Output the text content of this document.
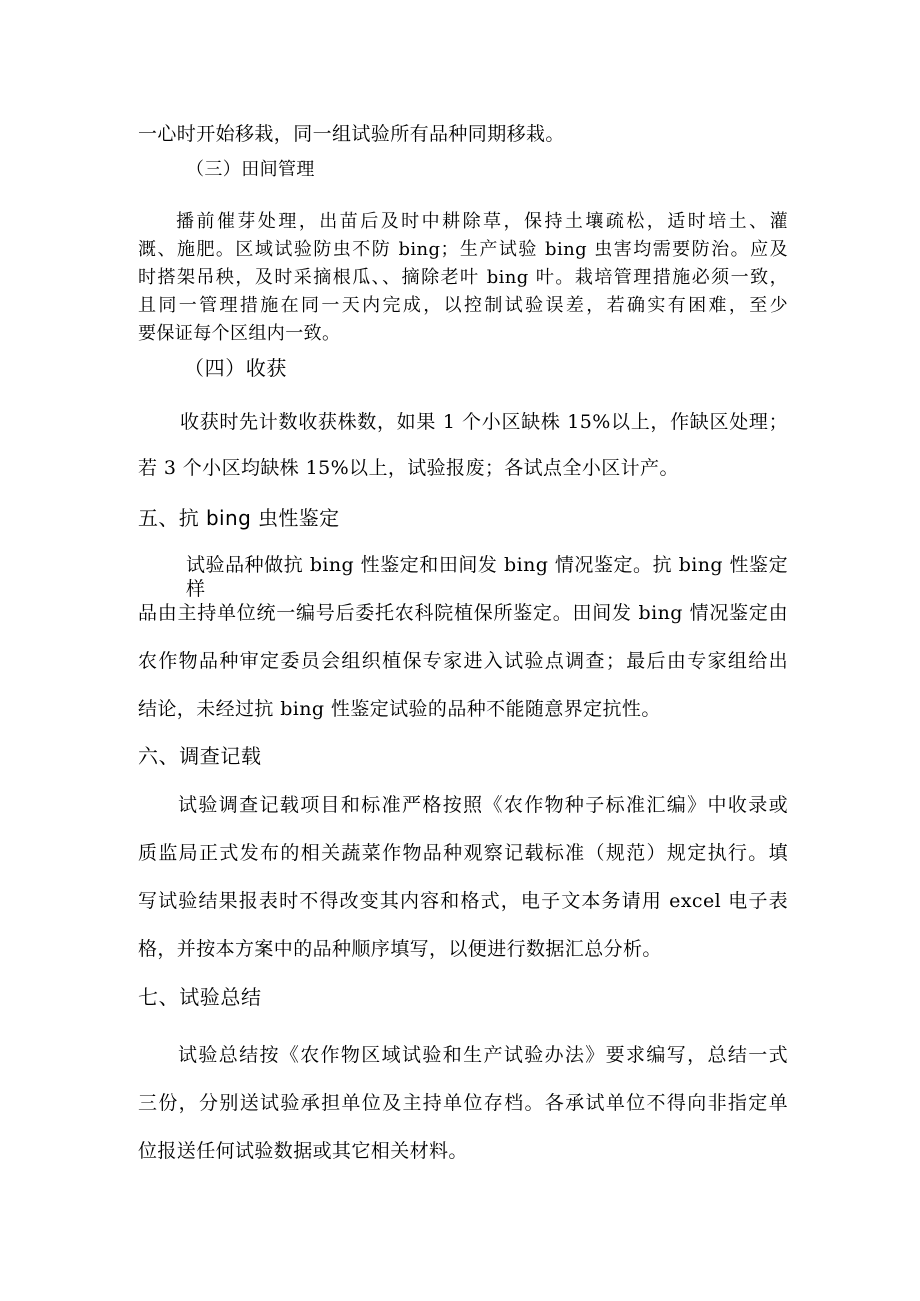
一心时开始移栽，同一组试验所有品种同期移栽。
（三）田间管理
播前催芽处理，出苗后及时中耕除草，保持土壤疏松，适时培土、灌
溉、施肥。区域试验防虫不防 bing；生产试验 bing 虫害均需要防治。应及
时搭架吊秧，及时采摘根瓜、、摘除老叶 bing 叶。栽培管理措施必须一致，
且同一管理措施在同一天内完成，以控制试验误差，若确实有困难，至少
要保证每个区组内一致。
（四）收获
收获时先计数收获株数，如果 1 个小区缺株 15%以上，作缺区处理；
若 3 个小区均缺株 15%以上，试验报废；各试点全小区计产。
五、抗 bing 虫性鉴定
试验品种做抗 bing 性鉴定和田间发 bing 情况鉴定。抗 bing 性鉴定样
品由主持单位统一编号后委托农科院植保所鉴定。田间发 bing 情况鉴定由
农作物品种审定委员会组织植保专家进入试验点调查；最后由专家组给出
结论，未经过抗 bing 性鉴定试验的品种不能随意界定抗性。
六、调查记载
试验调查记载项目和标准严格按照《农作物种子标准汇编》中收录或
质监局正式发布的相关蔬菜作物品种观察记载标准（规范）规定执行。填
写试验结果报表时不得改变其内容和格式，电子文本务请用 excel 电子表
格，并按本方案中的品种顺序填写，以便进行数据汇总分析。
七、试验总结
试验总结按《农作物区域试验和生产试验办法》要求编写，总结一式
三份，分别送试验承担单位及主持单位存档。各承试单位不得向非指定单
位报送任何试验数据或其它相关材料。
